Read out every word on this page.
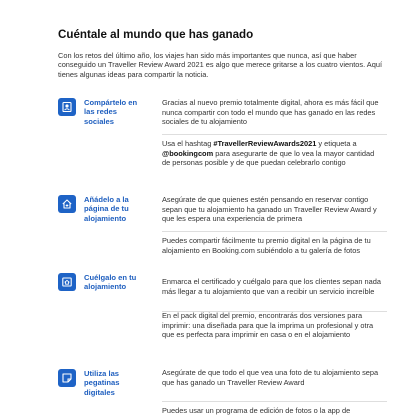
Cuéntale al mundo que has ganado

Con los retos del último año, los viajes han sido más importantes que nunca, así que haber conseguido un Traveller Review Award 2021 es algo que merece gritarse a los cuatro vientos. Aquí tienes algunas ideas para compartir la noticia.

Compártelo en las redes sociales

Gracias al nuevo premio totalmente digital, ahora es más fácil que nunca compartir con todo el mundo que has ganado en las redes sociales de tu alojamiento

Usa el hashtag #TravellerReviewAwards2021 y etiqueta a @bookingcom para asegurarte de que lo vea la mayor cantidad de personas posible y de que puedan celebrarlo contigo

Añádelo a la página de tu alojamiento

Asegúrate de que quienes estén pensando en reservar contigo sepan que tu alojamiento ha ganado un Traveller Review Award y que les espera una experiencia de primera

Puedes compartir fácilmente tu premio digital en la página de tu alojamiento en Booking.com subiéndolo a tu galería de fotos

Cuélgalo en tu alojamiento

Enmarca el certificado y cuélgalo para que los clientes sepan nada más llegar a tu alojamiento que van a recibir un servicio increíble

En el pack digital del premio, encontrarás dos versiones para imprimir: una diseñada para que la imprima un profesional y otra que es perfecta para imprimir en casa o en el alojamiento

Utiliza las pegatinas digitales

Asegúrate de que todo el que vea una foto de tu alojamiento sepa que has ganado un Traveller Review Award

Puedes usar un programa de edición de fotos o la app de
